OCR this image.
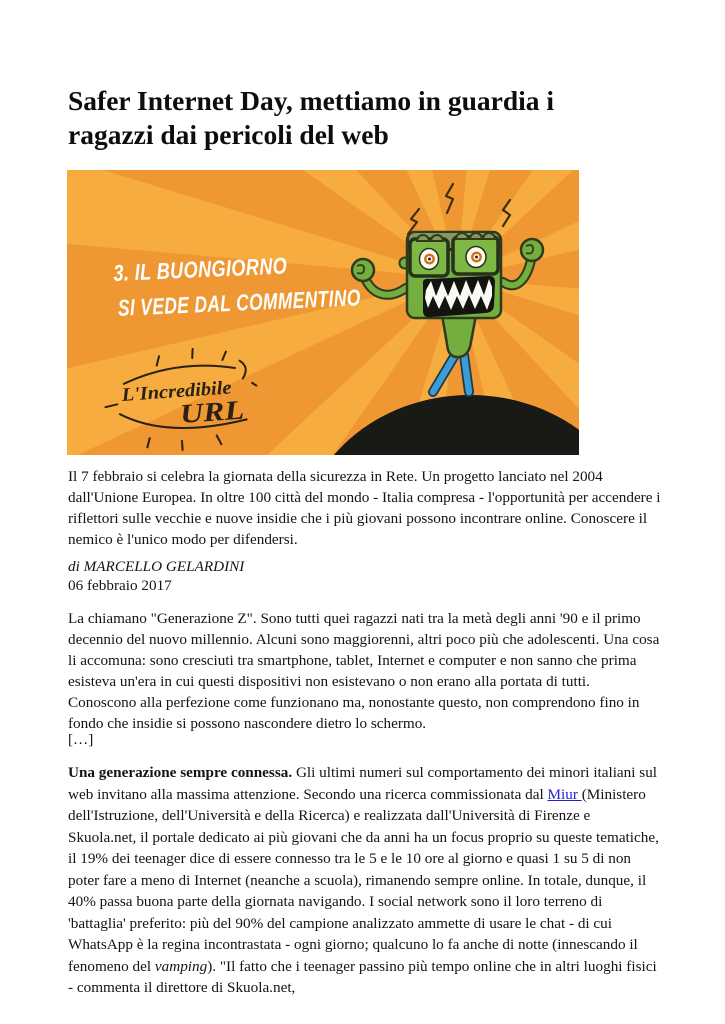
Safer Internet Day, mettiamo in guardia i
ragazzi dai pericoli del web
3. IL BUONGIORNO
SI VEDE DAL COMMENTINO
L'Incredibile
URL

Il 7 febbraio si celebra la giornata della sicurezza in Rete. Un progetto lanciato nel 2004 dall'Unione Europea. In oltre 100 città del mondo - Italia compresa - l'opportunità per accendere i riflettori sulle vecchie e nuove insidie che i più giovani possono incontrare online. Conoscere il nemico è l'unico modo per difendersi.

di MARCELLO GELARDINI
06 febbraio 2017

La chiamano "Generazione Z". Sono tutti quei ragazzi nati tra la metà degli anni '90 e il primo decennio del nuovo millennio. Alcuni sono maggiorenni, altri poco più che adolescenti. Una cosa li accomuna: sono cresciuti tra smartphone, tablet, Internet e computer e non sanno che prima esisteva un'era in cui questi dispositivi non esistevano o non erano alla portata di tutti. Conoscono alla perfezione come funzionano ma, nonostante questo, non comprendono fino in fondo che insidie si possono nascondere dietro lo schermo.

[…]

Una generazione sempre connessa. Gli ultimi numeri sul comportamento dei minori italiani sul web invitano alla massima attenzione. Secondo una ricerca commissionata dal Miur (Ministero dell'Istruzione, dell'Università e della Ricerca) e realizzata dall'Università di Firenze e Skuola.net, il portale dedicato ai più giovani che da anni ha un focus proprio su queste tematiche, il 19% dei teenager dice di essere connesso tra le 5 e le 10 ore al giorno e quasi 1 su 5 di non poter fare a meno di Internet (neanche a scuola), rimanendo sempre online. In totale, dunque, il 40% passa buona parte della giornata navigando. I social network sono il loro terreno di 'battaglia' preferito: più del 90% del campione analizzato ammette di usare le chat - di cui WhatsApp è la regina incontrastata - ogni giorno; qualcuno lo fa anche di notte (innescando il fenomeno del vamping). "Il fatto che i teenager passino più tempo online che in altri luoghi fisici - commenta il direttore di Skuola.net,
